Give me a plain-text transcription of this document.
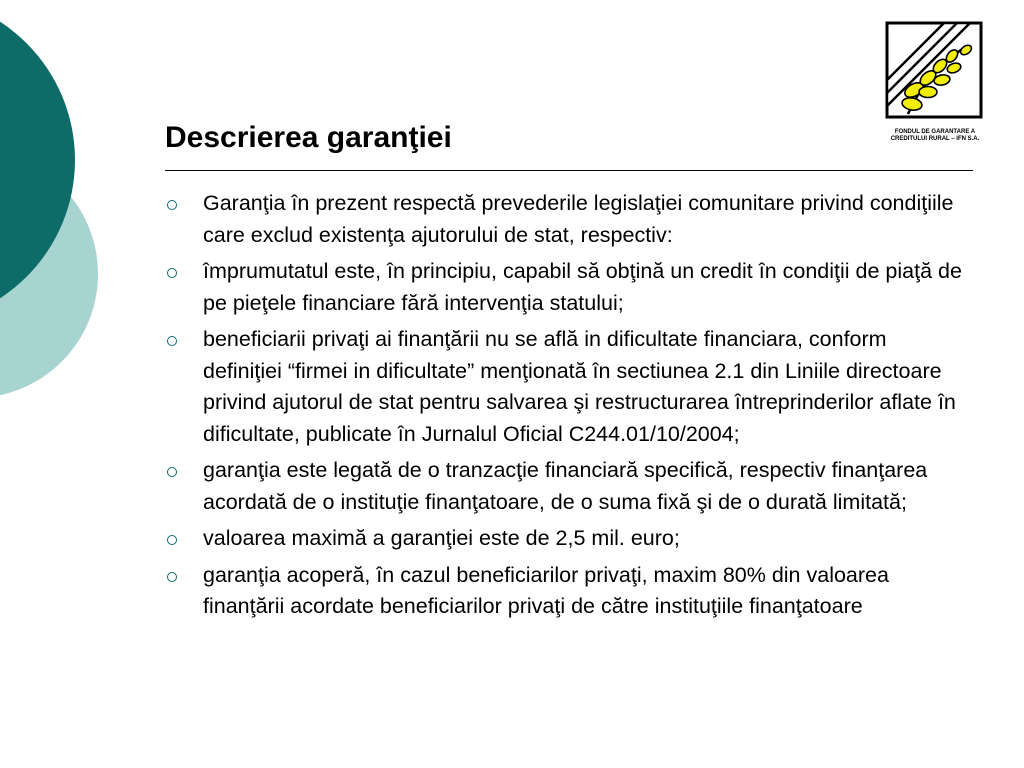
FONDUL DE GARANTARE A
CREDITULUI RURAL – IFN S.A.
Descrierea garanţiei
Garanţia în prezent respectă prevederile legislaţiei comunitare privind condiţiile care exclud existenţa ajutorului de stat, respectiv:
împrumutatul este, în principiu, capabil să obţină un credit în condiţii de piaţă de pe pieţele financiare fără intervenţia statului;
beneficiarii privaţi ai finanţării nu se află in dificultate financiara, conform definiţiei “firmei in dificultate” menţionată în sectiunea 2.1 din Liniile directoare privind ajutorul de stat pentru salvarea şi restructurarea întreprinderilor aflate în dificultate, publicate în Jurnalul Oficial C244.01/10/2004;
garanţia este legată de o tranzacţie financiară specifică, respectiv finanţarea acordată de o instituţie finanţatoare, de o suma fixă şi de o durată limitată;
valoarea maximă a garanţiei este de 2,5 mil. euro;
garanţia acoperă, în cazul beneficiarilor privaţi, maxim 80% din valoarea finanţării acordate beneficiarilor privaţi de către instituţiile finanţatoare
